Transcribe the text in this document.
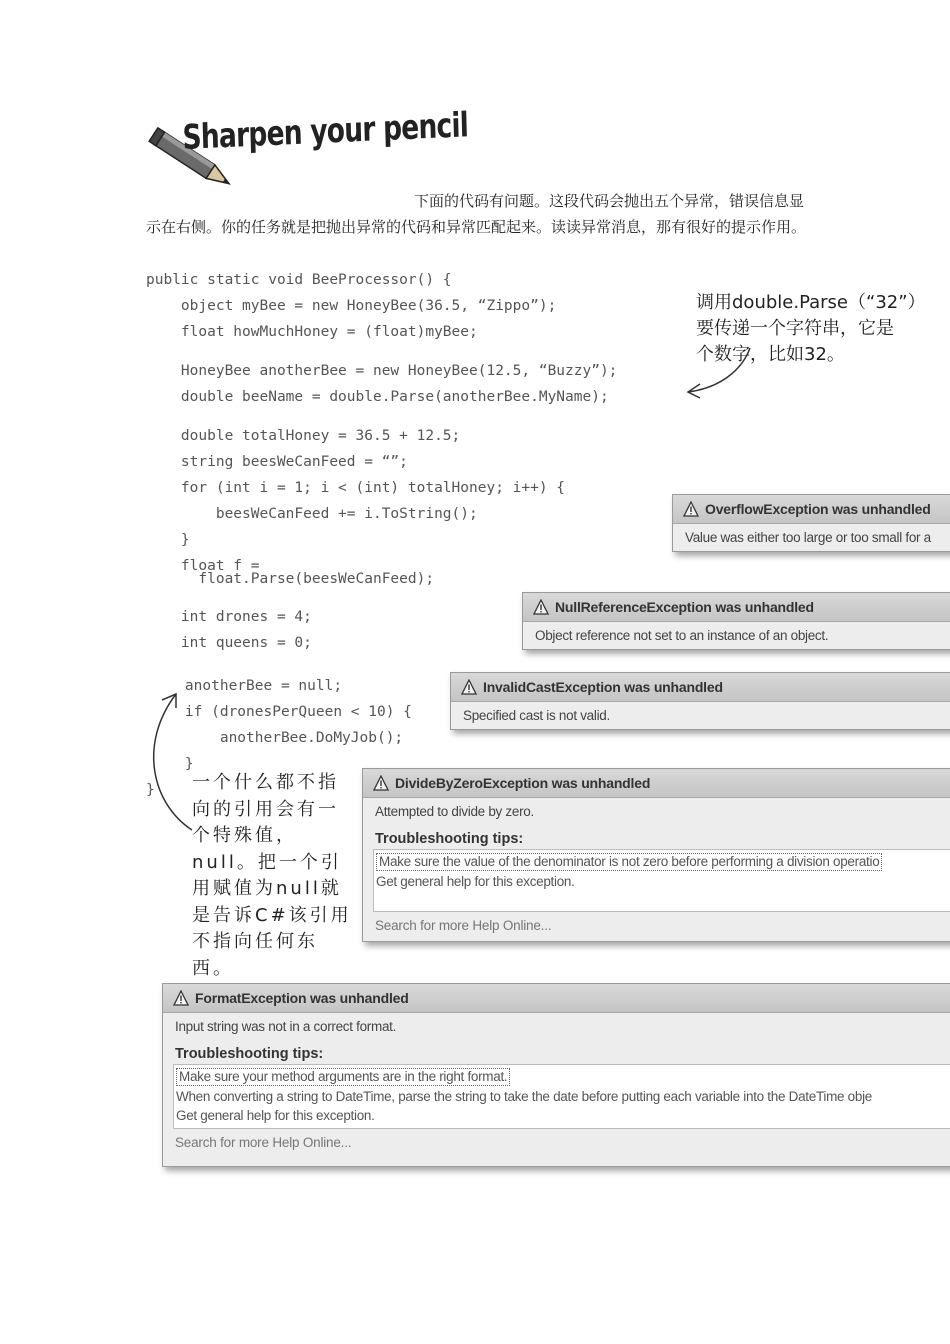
Sharpen your pencil
下面的代码有问题。这段代码会抛出五个异常，错误信息显示在右侧。你的任务就是把抛出异常的代码和异常匹配起来。读读异常消息，那有很好的提示作用。
public static void BeeProcessor() {
object myBee = new HoneyBee(36.5, “Zippo”);
float howMuchHoney = (float)myBee;
HoneyBee anotherBee = new HoneyBee(12.5, “Buzzy”);
double beeName = double.Parse(anotherBee.MyName);
double totalHoney = 36.5 + 12.5;
string beesWeCanFeed = “”;
for (int i = 1; i < (int) totalHoney; i++) {
beesWeCanFeed += i.ToString();
}
float f =
float.Parse(beesWeCanFeed);
int drones = 4;
int queens = 0;
anotherBee = null;
if (dronesPerQueen < 10) {
anotherBee.DoMyJob();
}
}
调用double.Parse（“32”）
要传递一个字符串，它是
个数字，比如32。
一个什么都不指向的引用会有一个特殊值，null。把一个引用赋值为null就是告诉C#该引用不指向任何东西。
OverflowException was unhandled
Value was either too large or too small for a
NullReferenceException was unhandled
Object reference not set to an instance of an object.
InvalidCastException was unhandled
Specified cast is not valid.
DivideByZeroException was unhandled
Attempted to divide by zero.
Troubleshooting tips:
Make sure the value of the denominator is not zero before performing a division operatio
Get general help for this exception.
Search for more Help Online...
FormatException was unhandled
Input string was not in a correct format.
Troubleshooting tips:
Make sure your method arguments are in the right format.
When converting a string to DateTime, parse the string to take the date before putting each variable into the DateTime obje
Get general help for this exception.
Search for more Help Online...
